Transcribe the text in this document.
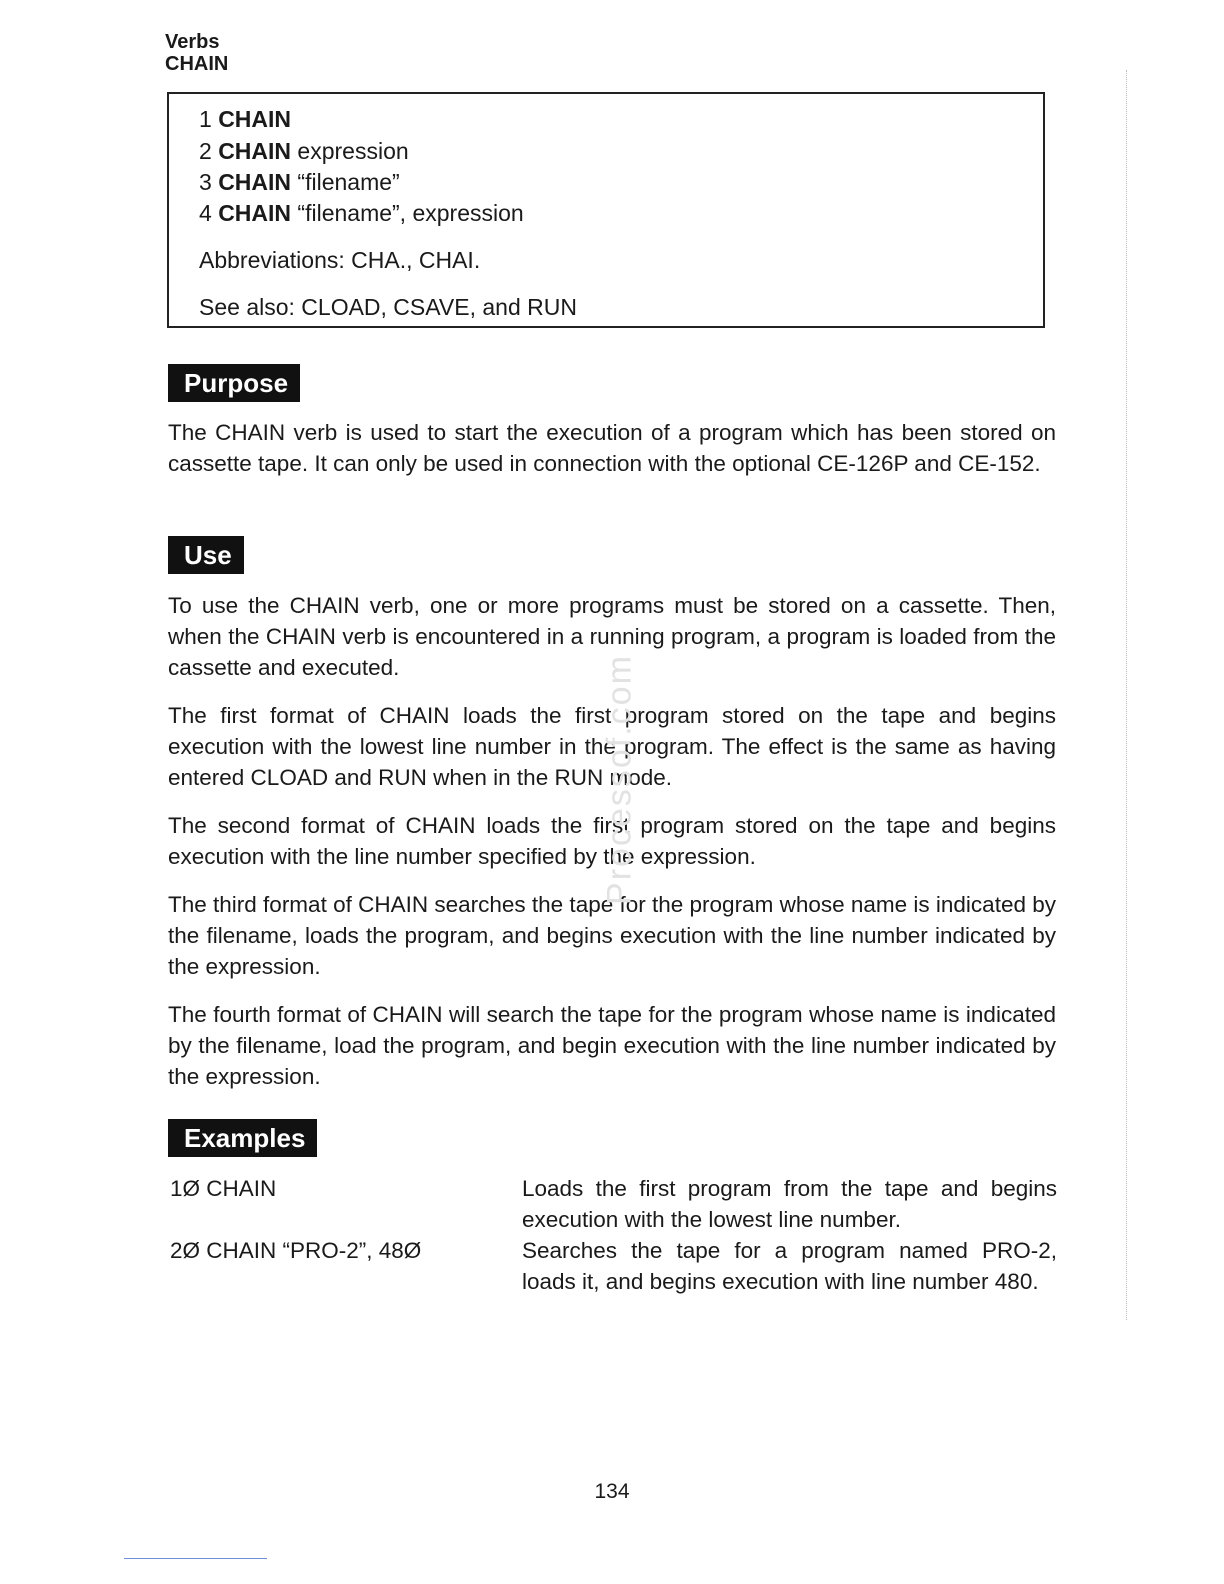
Verbs
CHAIN
1 CHAIN
2 CHAIN expression
3 CHAIN “filename”
4 CHAIN “filename”, expression
Abbreviations: CHA., CHAI.
See also: CLOAD, CSAVE, and RUN
Purpose
The CHAIN verb is used to start the execution of a program which has been stored on cassette tape. It can only be used in connection with the optional CE-126P and CE-152.
Use
To use the CHAIN verb, one or more programs must be stored on a cassette. Then, when the CHAIN verb is encountered in a running program, a program is loaded from the cassette and executed.
The first format of CHAIN loads the first program stored on the tape and begins execution with the lowest line number in the program. The effect is the same as having entered CLOAD and RUN when in the RUN mode.
The second format of CHAIN loads the first program stored on the tape and begins execution with the line number specified by the expression.
The third format of CHAIN searches the tape for the program whose name is indicated by the filename, loads the program, and begins execution with the line number indicated by the expression.
The fourth format of CHAIN will search the tape for the program whose name is indicated by the filename, load the program, and begin execution with the line number indicated by the expression.
Examples
1Ø CHAIN	Loads the first program from the tape and begins execution with the lowest line number.
2Ø CHAIN “PRO-2”, 48Ø	Searches the tape for a program named PRO-2, loads it, and begins execution with line number 480.
Processof.com
134
